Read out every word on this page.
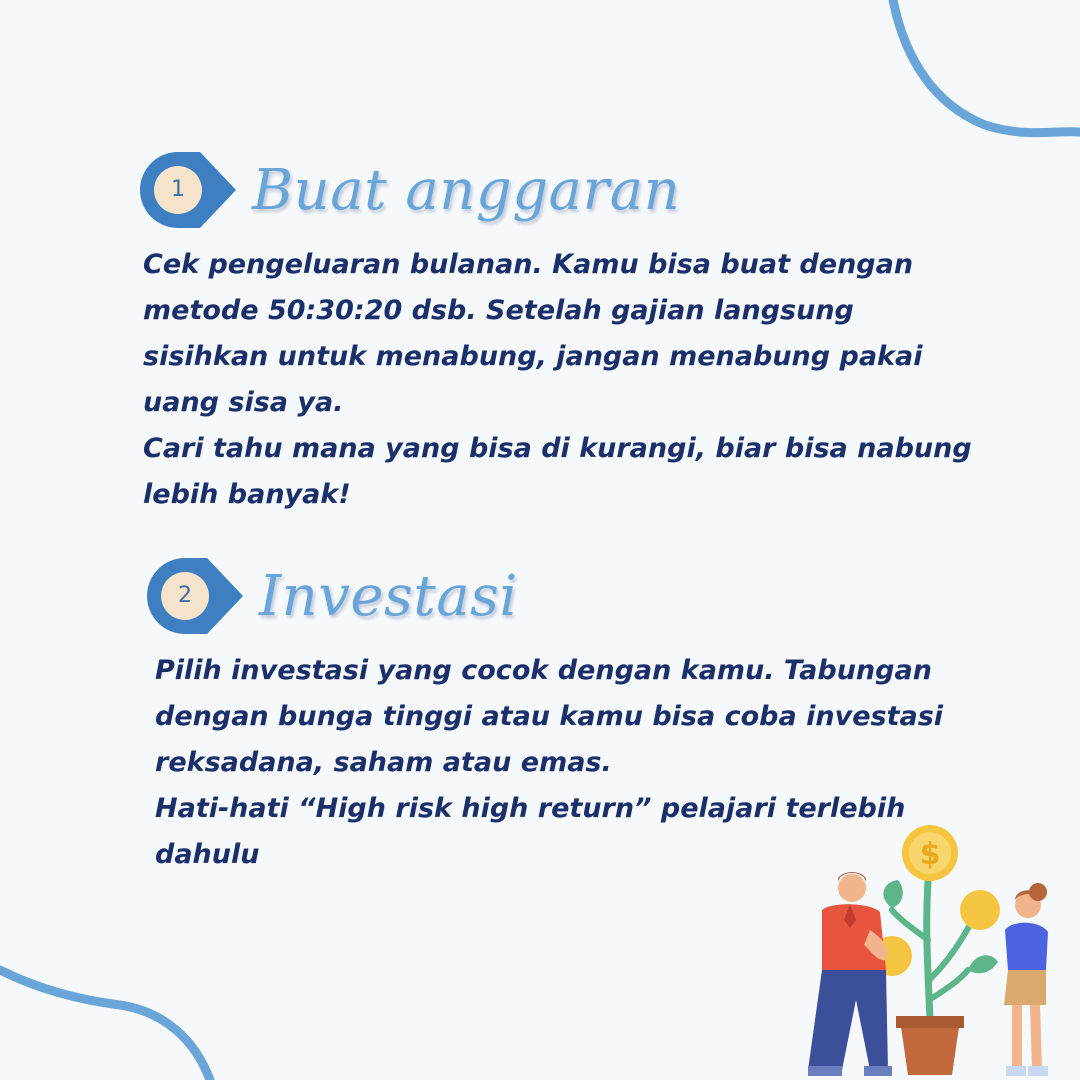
1 Buat anggaran

Cek pengeluaran bulanan. Kamu bisa buat dengan metode 50:30:20 dsb. Setelah gajian langsung sisihkan untuk menabung, jangan menabung pakai uang sisa ya.

Cari tahu mana yang bisa di kurangi, biar bisa nabung lebih banyak!

2 Investasi

Pilih investasi yang cocok dengan kamu. Tabungan dengan bunga tinggi atau kamu bisa coba investasi reksadana, saham atau emas.

Hati-hati “High risk high return” pelajari terlebih dahulu	$
